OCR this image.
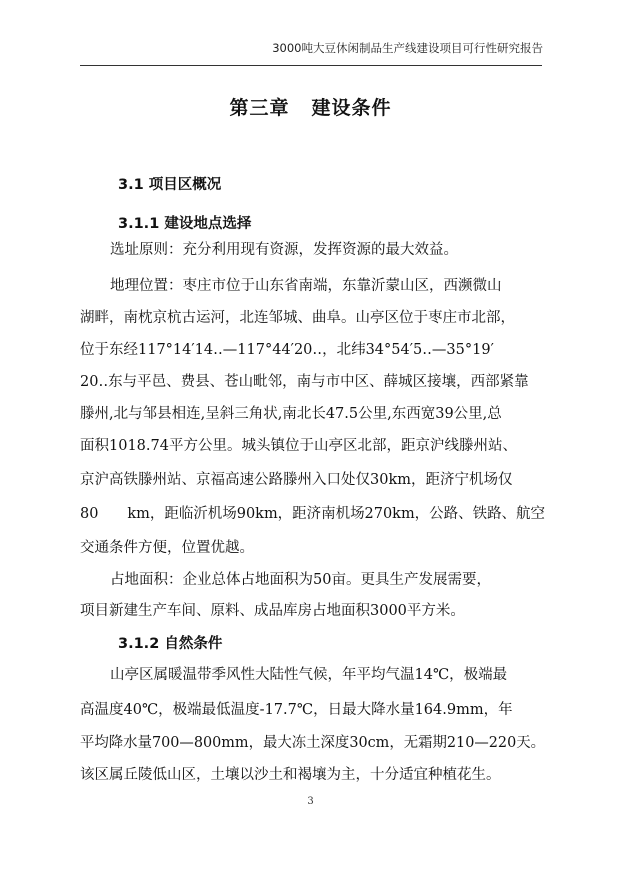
3000吨大豆休闲制品生产线建设项目可行性研究报告
第三章 建设条件
3.1 项目区概况
3.1.1 建设地点选择
选址原则：充分利用现有资源，发挥资源的最大效益。
地理位置：枣庄市位于山东省南端，东靠沂蒙山区，西濒微山
湖畔，南枕京杭古运河，北连邹城、曲阜。山亭区位于枣庄市北部，
位于东经117°14′14‥—117°44′20‥，北纬34°54′5‥—35°19′
20‥东与平邑、费县、苍山毗邻，南与市中区、薛城区接壤，西部紧靠
滕州,北与邹县相连,呈斜三角状,南北长47.5公里,东西宽39公里,总
面积1018.74平方公里。城头镇位于山亭区北部，距京沪线滕州站、
京沪高铁滕州站、京福高速公路滕州入口处仅30km，距济宁机场仅
80　　km，距临沂机场90km，距济南机场270km，公路、铁路、航空
交通条件方便，位置优越。
占地面积：企业总体占地面积为50亩。更具生产发展需要，
项目新建生产车间、原料、成品库房占地面积3000平方米。
3.1.2 自然条件
山亭区属暖温带季风性大陆性气候，年平均气温14℃，极端最
高温度40℃，极端最低温度-17.7℃，日最大降水量164.9mm，年
平均降水量700—800mm，最大冻土深度30cm，无霜期210—220天。
该区属丘陵低山区，土壤以沙土和褐壤为主，十分适宜种植花生。
3
